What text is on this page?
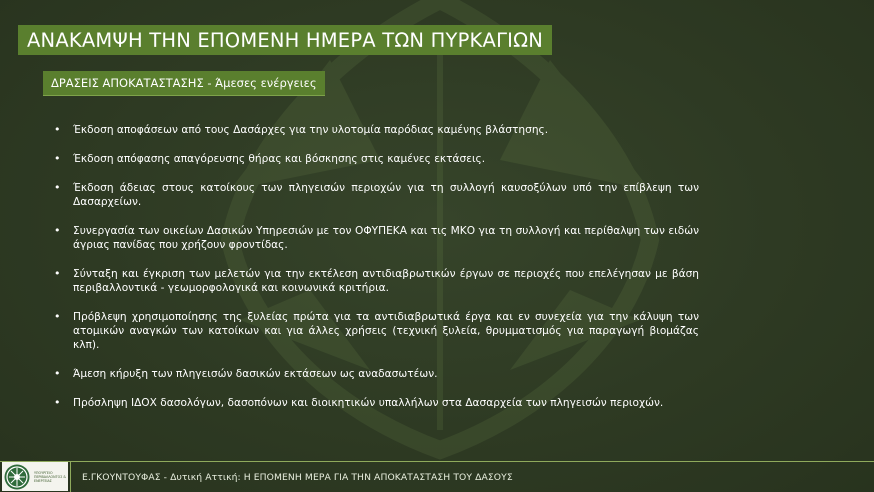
ΑΝΑΚΑΜΨΗ ΤΗΝ ΕΠΟΜΕΝΗ ΗΜΕΡΑ ΤΩΝ ΠΥΡΚΑΓΙΩΝ
ΔΡΑΣΕΙΣ ΑΠΟΚΑΤΑΣΤΑΣΗΣ - Άμεσες ενέργειες
• Έκδοση αποφάσεων από τους Δασάρχες για την υλοτομία παρόδιας καμένης βλάστησης.
• Έκδοση απόφασης απαγόρευσης θήρας και βόσκησης στις καμένες εκτάσεις.
• Έκδοση άδειας στους κατοίκους των πληγεισών περιοχών για τη συλλογή καυσοξύλων υπό την επίβλεψη των Δασαρχείων.
• Συνεργασία των οικείων Δασικών Υπηρεσιών με τον ΟΦΥΠΕΚΑ και τις ΜΚΟ για τη συλλογή και περίθαλψη των ειδών άγριας πανίδας που χρήζουν φροντίδας.
• Σύνταξη και έγκριση των μελετών για την εκτέλεση αντιδιαβρωτικών έργων σε περιοχές που επελέγησαν με βάση περιβαλλοντικά - γεωμορφολογικά και κοινωνικά κριτήρια.
• Πρόβλεψη χρησιμοποίησης της ξυλείας πρώτα για τα αντιδιαβρωτικά έργα και εν συνεχεία για την κάλυψη των ατομικών αναγκών των κατοίκων και για άλλες χρήσεις (τεχνική ξυλεία, θρυμματισμός για παραγωγή βιομάζας κλπ).
• Άμεση κήρυξη των πληγεισών δασικών εκτάσεων ως αναδασωτέων.
• Πρόσληψη ΙΔΟΧ δασολόγων, δασοπόνων και διοικητικών υπαλλήλων στα Δασαρχεία των πληγεισών περιοχών.
ΥΠΟΥΡΓΕΙΟ ΠΕΡΙΒΑΛΛΟΝΤΟΣ & ΕΝΕΡΓΕΙΑΣ	Ε.ΓΚΟΥΝΤΟΥΦΑΣ - Δυτική Αττική: Η ΕΠΟΜΕΝΗ ΜΕΡΑ ΓΙΑ ΤΗΝ ΑΠΟΚΑΤΑΣΤΑΣΗ ΤΟΥ ΔΑΣΟΥΣ
